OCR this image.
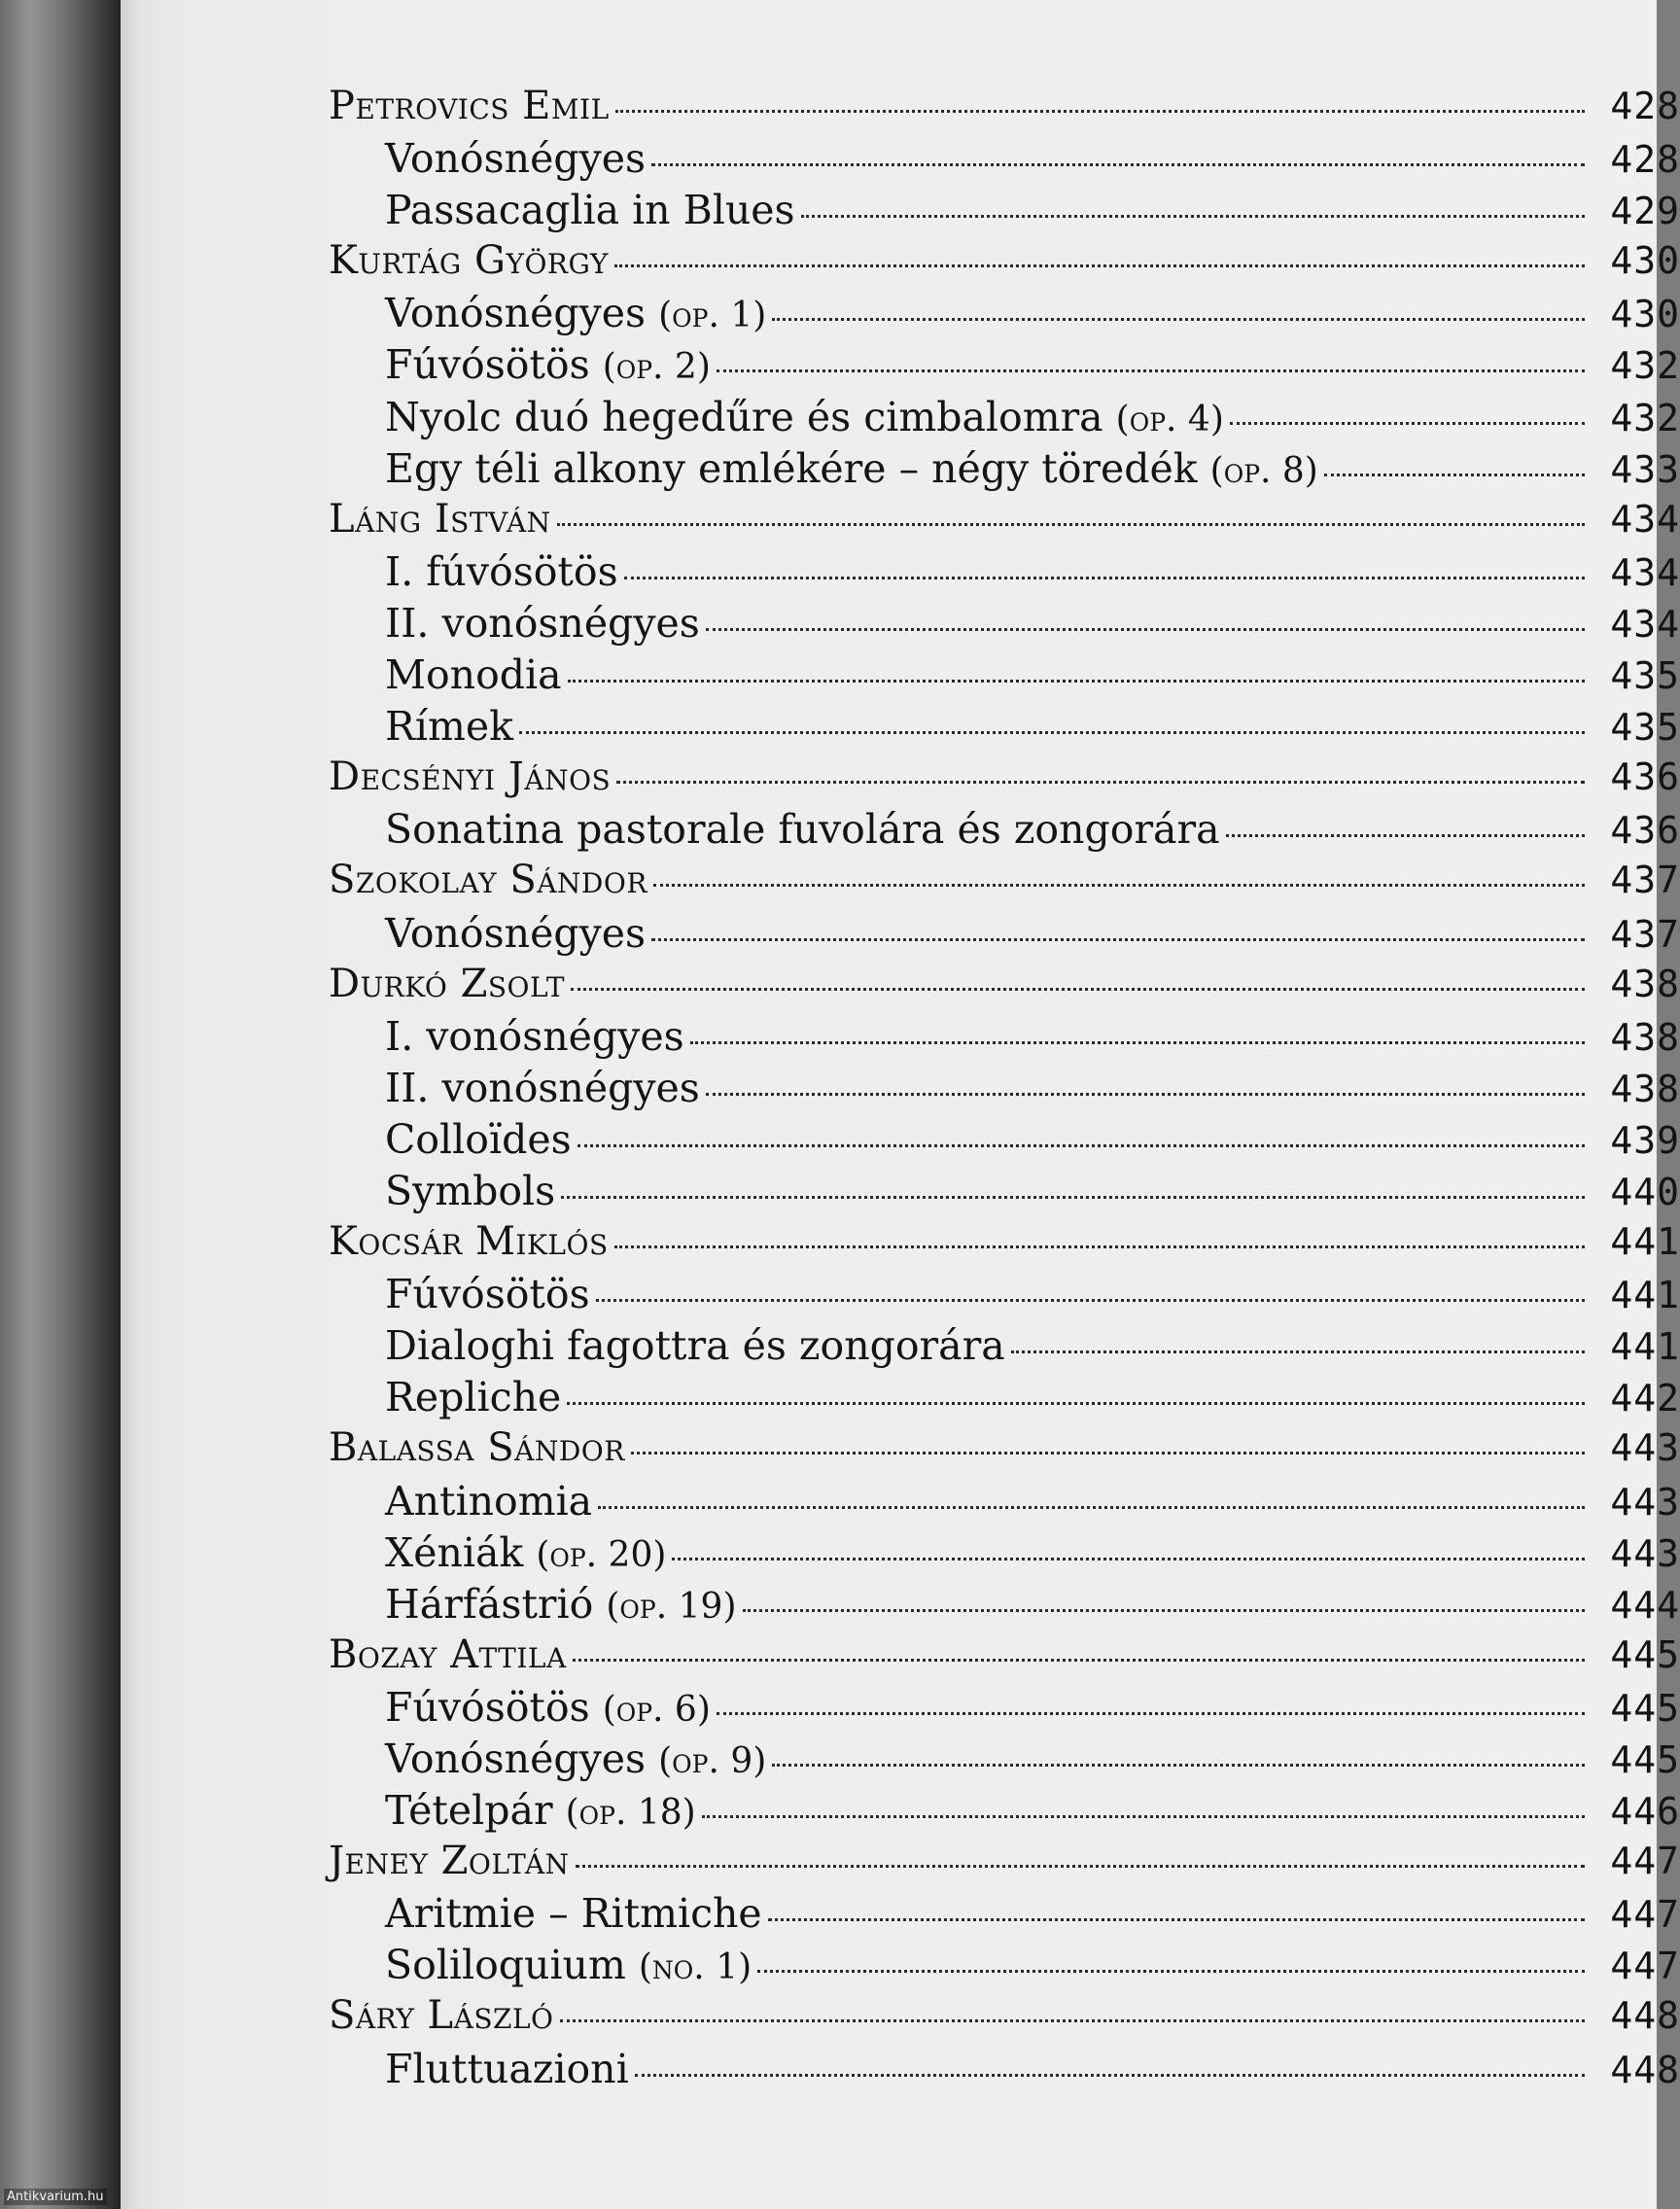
Petrovics Emil	428
Vonósnégyes	428
Passacaglia in Blues	429
Kurtág György	430
Vonósnégyes (op. 1)	430
Fúvósötös (op. 2)	432
Nyolc duó hegedűre és cimbalomra (op. 4)	432
Egy téli alkony emlékére – négy töredék (op. 8)	433
Láng István	434
I. fúvósötös	434
II. vonósnégyes	434
Monodia	435
Rímek	435
Decsényi János	436
Sonatina pastorale fuvolára és zongorára	436
Szokolay Sándor	437
Vonósnégyes	437
Durkó Zsolt	438
I. vonósnégyes	438
II. vonósnégyes	438
Colloïdes	439
Symbols	440
Kocsár Miklós	441
Fúvósötös	441
Dialoghi fagottra és zongorára	441
Repliche	442
Balassa Sándor	443
Antinomia	443
Xéniák (op. 20)	443
Hárfástrió (op. 19)	444
Bozay Attila	445
Fúvósötös (op. 6)	445
Vonósnégyes (op. 9)	445
Tételpár (op. 18)	446
Jeney Zoltán	447
Aritmie – Ritmiche	447
Soliloquium (no. 1)	447
Sáry László	448
Fluttuazioni	448
Antikvarium.hu
